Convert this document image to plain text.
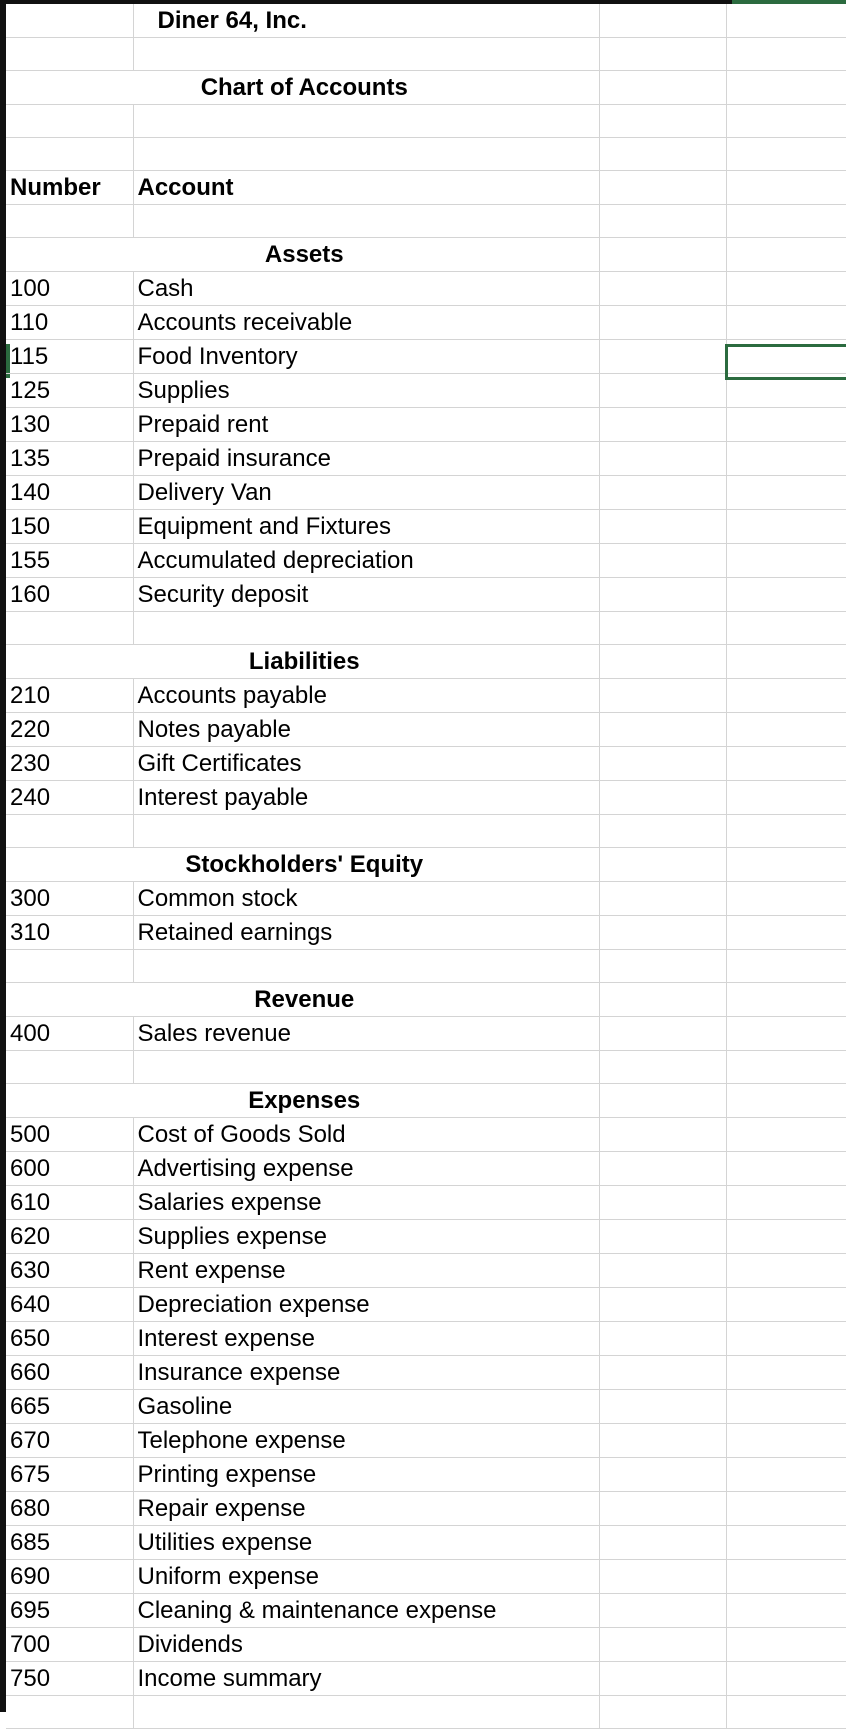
	Diner 64, Inc.		

Chart of Accounts			

Number	Account		

Assets			
100	Cash		
110	Accounts receivable		
115	Food Inventory		
125	Supplies		
130	Prepaid rent		
135	Prepaid insurance		
140	Delivery Van		
150	Equipment and Fixtures		
155	Accumulated depreciation		
160	Security deposit		

Liabilities			
210	Accounts payable		
220	Notes payable		
230	Gift Certificates		
240	Interest payable		

Stockholders' Equity			
300	Common stock		
310	Retained earnings		

Revenue			
400	Sales revenue		

Expenses			
500	Cost of Goods Sold		
600	Advertising expense		
610	Salaries expense		
620	Supplies expense		
630	Rent expense		
640	Depreciation expense		
650	Interest expense		
660	Insurance expense		
665	Gasoline		
670	Telephone expense		
675	Printing expense		
680	Repair expense		
685	Utilities expense		
690	Uniform expense		
695	Cleaning & maintenance expense		
700	Dividends		
750	Income summary		
